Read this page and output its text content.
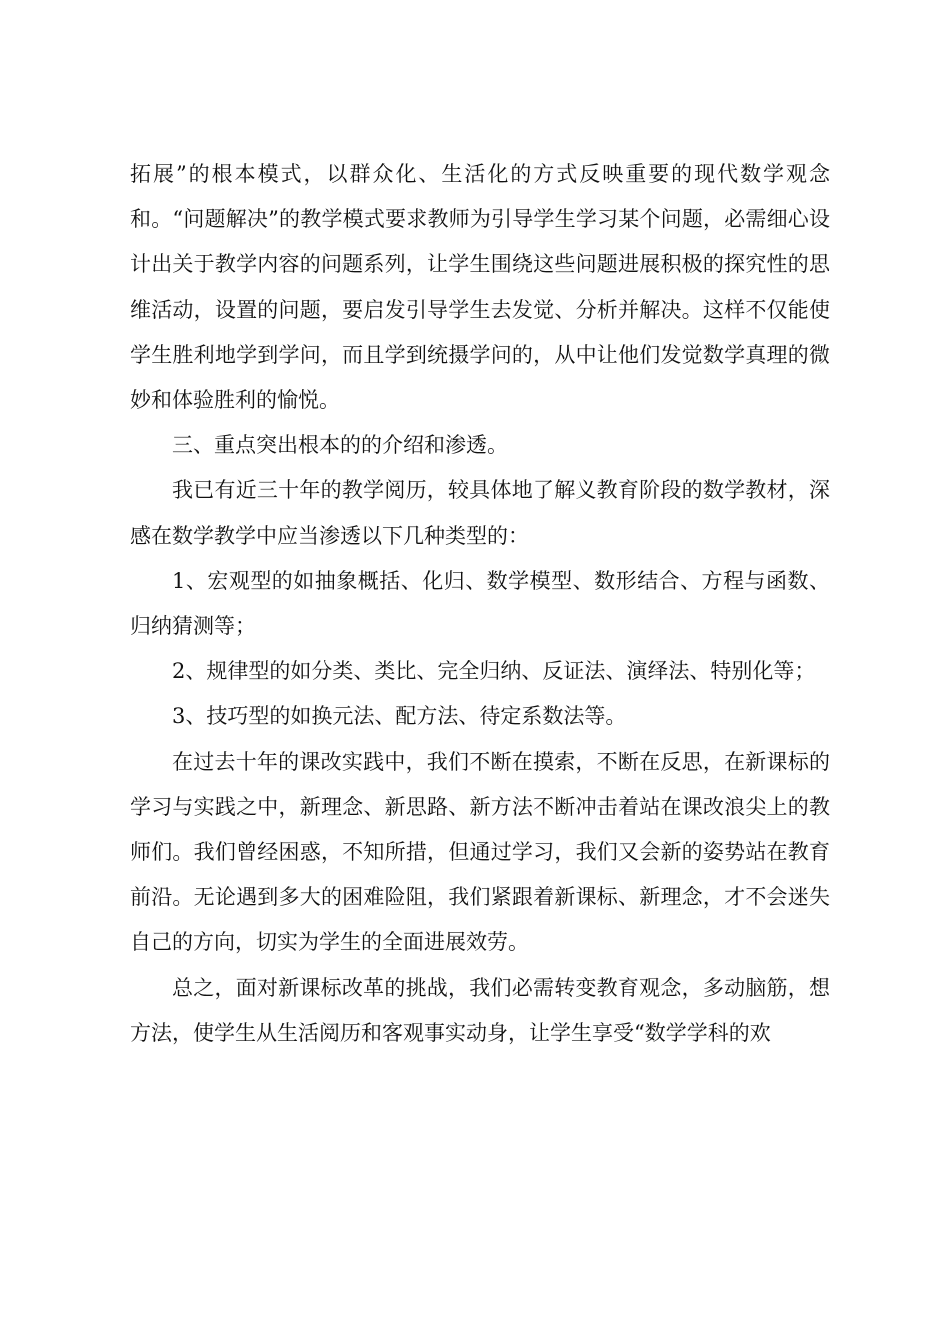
拓展”的根本模式，以群众化、生活化的方式反映重要的现代数学观念和。“问题解决”的教学模式要求教师为引导学生学习某个问题，必需细心设计出关于教学内容的问题系列，让学生围绕这些问题进展积极的探究性的思维活动，设置的问题，要启发引导学生去发觉、分析并解决。这样不仅能使学生胜利地学到学问，而且学到统摄学问的，从中让他们发觉数学真理的微妙和体验胜利的愉悦。

三、重点突出根本的的介绍和渗透。

我已有近三十年的教学阅历，较具体地了解义教育阶段的数学教材，深感在数学教学中应当渗透以下几种类型的：

1、宏观型的如抽象概括、化归、数学模型、数形结合、方程与函数、归纳猜测等；

2、规律型的如分类、类比、完全归纳、反证法、演绎法、特别化等；

3、技巧型的如换元法、配方法、待定系数法等。

在过去十年的课改实践中，我们不断在摸索，不断在反思，在新课标的学习与实践之中，新理念、新思路、新方法不断冲击着站在课改浪尖上的教师们。我们曾经困惑，不知所措，但通过学习，我们又会新的姿势站在教育前沿。无论遇到多大的困难险阻，我们紧跟着新课标、新理念，才不会迷失自己的方向，切实为学生的全面进展效劳。

总之，面对新课标改革的挑战，我们必需转变教育观念，多动脑筋，想方法，使学生从生活阅历和客观事实动身，让学生享受“数学学科的欢
